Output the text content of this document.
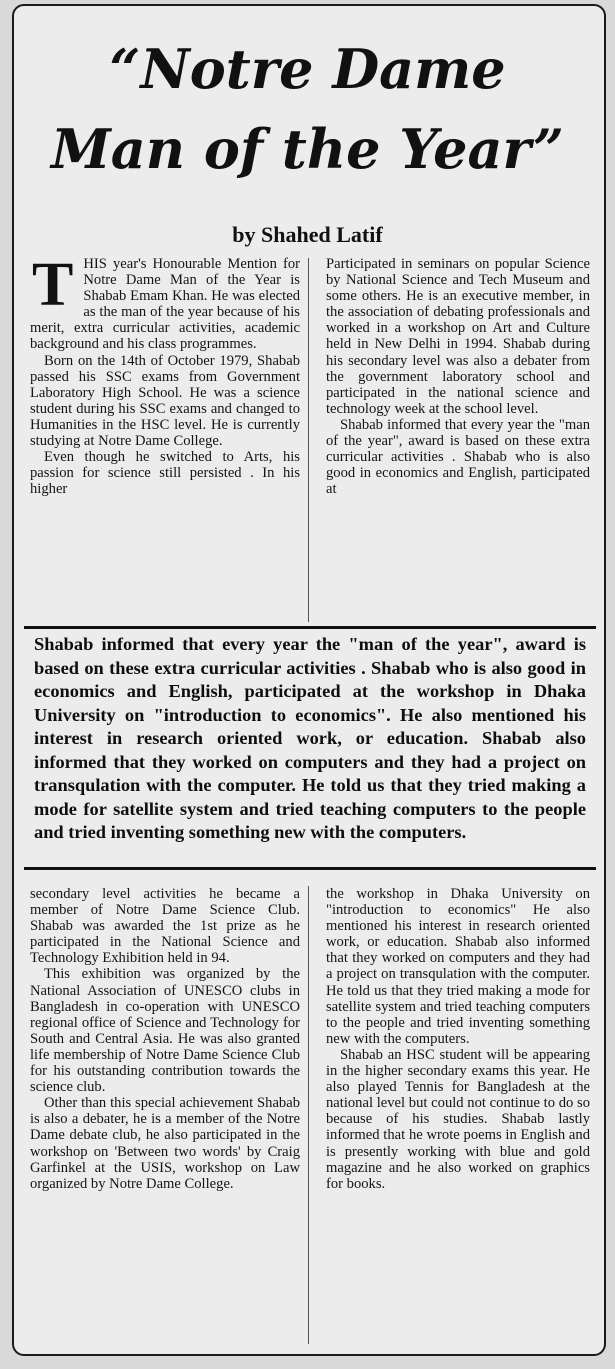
“Notre Dame
Man of the Year”
by Shahed Latif
T HIS year's Honourable Mention for Notre Dame Man of the Year is Shabab Emam Khan. He was elected as the man of the year because of his merit, extra curricular activities, academic background and his class programmes.

Born on the 14th of October 1979, Shabab passed his SSC exams from Government Laboratory High School. He was a science student during his SSC exams and changed to Humanities in the HSC level. He is currently studying at Notre Dame College.

Even though he switched to Arts, his passion for science still persisted . In his higher

Participated in seminars on popular Science by National Science and Tech Museum and some others. He is an executive member, in the association of debating professionals and worked in a workshop on Art and Culture held in New Delhi in 1994. Shabab during his secondary level was also a debater from the government laboratory school and participated in the national science and technology week at the school level.

Shabab informed that every year the "man of the year", award is based on these extra curricular activities . Shabab who is also good in economics and English, participated at

Shabab informed that every year the "man of the year", award is based on these extra curricular activities . Shabab who is also good in economics and English, participated at the workshop in Dhaka University on "introduction to economics". He also mentioned his interest in research oriented work, or education. Shabab also informed that they worked on computers and they had a project on transqulation with the computer. He told us that they tried making a mode for satellite system and tried teaching computers to the people and tried inventing something new with the computers.

secondary level activities he became a member of Notre Dame Science Club. Shabab was awarded the 1st prize as he participated in the National Science and Technology Exhibition held in 94.

This exhibition was organized by the National Association of UNESCO clubs in Bangladesh in co-operation with UNESCO regional office of Science and Technology for South and Central Asia. He was also granted life membership of Notre Dame Science Club for his outstanding contribution towards the science club.

Other than this special achievement Shabab is also a debater, he is a member of the Notre Dame debate club, he also participated in the workshop on 'Between two words' by Craig Garfinkel at the USIS, workshop on Law organized by Notre Dame College.

the workshop in Dhaka University on "introduction to economics" He also mentioned his interest in research oriented work, or education. Shabab also informed that they worked on computers and they had a project on transqulation with the computer. He told us that they tried making a mode for satellite system and tried teaching computers to the people and tried inventing something new with the computers.

Shabab an HSC student will be appearing in the higher secondary exams this year. He also played Tennis for Bangladesh at the national level but could not continue to do so because of his studies. Shabab lastly informed that he wrote poems in English and is presently working with blue and gold magazine and he also worked on graphics for books.
